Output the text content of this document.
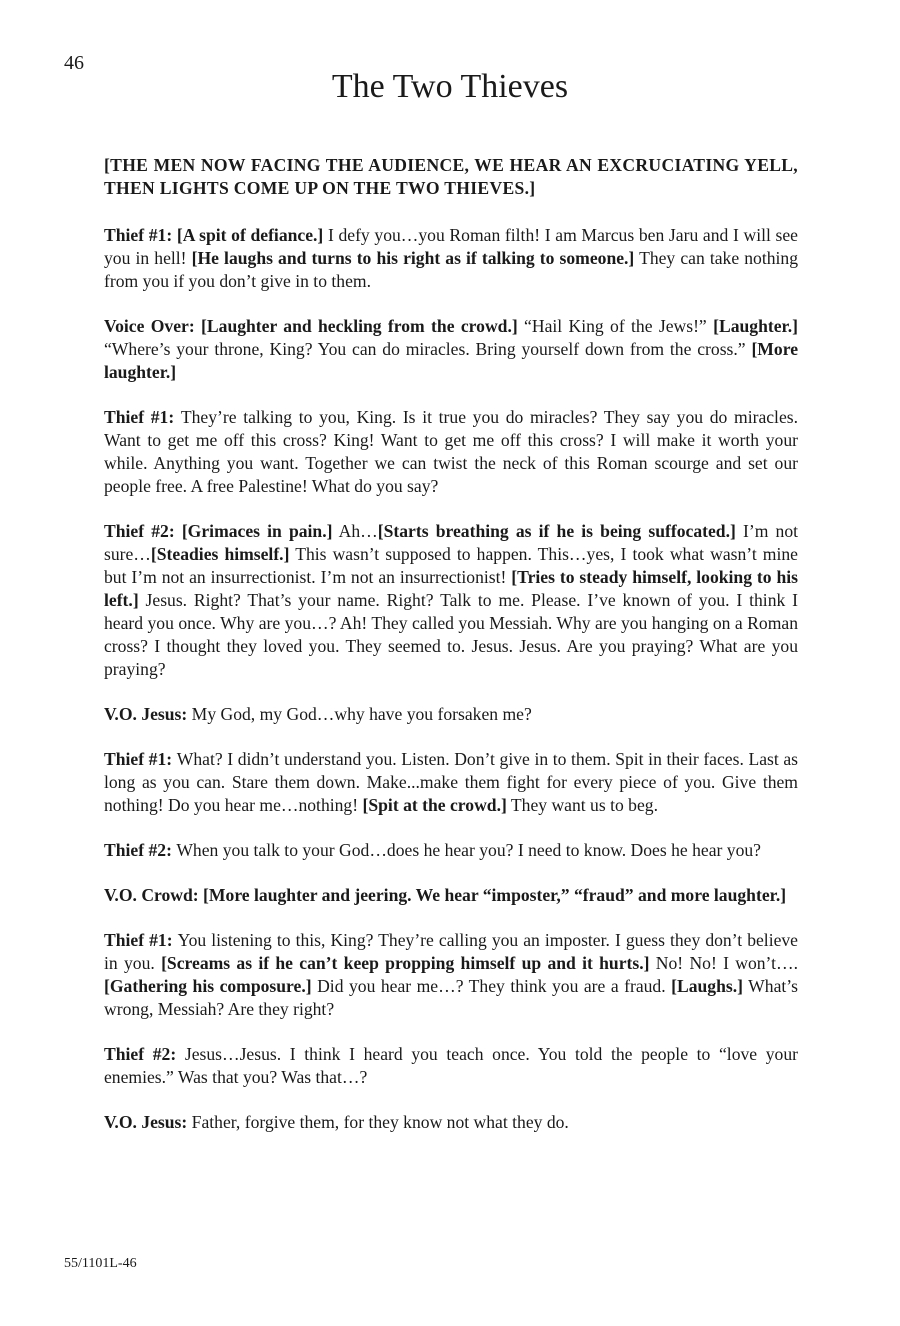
46
The Two Thieves

[THE MEN NOW FACING THE AUDIENCE, WE HEAR AN EXCRUCIATING YELL, THEN LIGHTS COME UP ON THE TWO THIEVES.]

Thief #1: [A spit of defiance.] I defy you…you Roman filth! I am Marcus ben Jaru and I will see you in hell! [He laughs and turns to his right as if talking to someone.] They can take nothing from you if you don’t give in to them.

Voice Over: [Laughter and heckling from the crowd.] “Hail King of the Jews!” [Laughter.] “Where’s your throne, King? You can do miracles. Bring yourself down from the cross.” [More laughter.]

Thief #1: They’re talking to you, King. Is it true you do miracles? They say you do miracles. Want to get me off this cross? King! Want to get me off this cross? I will make it worth your while. Anything you want. Together we can twist the neck of this Roman scourge and set our people free. A free Palestine! What do you say?

Thief #2: [Grimaces in pain.] Ah…[Starts breathing as if he is being suffocated.] I’m not sure…[Steadies himself.] This wasn’t supposed to happen. This…yes, I took what wasn’t mine but I’m not an insurrectionist. I’m not an insurrectionist! [Tries to steady himself, looking to his left.] Jesus. Right? That’s your name. Right? Talk to me. Please. I’ve known of you. I think I heard you once. Why are you…? Ah! They called you Messiah. Why are you hanging on a Roman cross? I thought they loved you. They seemed to. Jesus. Jesus. Are you praying? What are you praying?

V.O. Jesus: My God, my God…why have you forsaken me?

Thief #1: What? I didn’t understand you. Listen. Don’t give in to them. Spit in their faces. Last as long as you can. Stare them down. Make...make them fight for every piece of you. Give them nothing! Do you hear me…nothing! [Spit at the crowd.] They want us to beg.

Thief #2: When you talk to your God…does he hear you? I need to know. Does he hear you?

V.O. Crowd: [More laughter and jeering. We hear “imposter,” “fraud” and more laughter.]

Thief #1: You listening to this, King? They’re calling you an imposter. I guess they don’t believe in you. [Screams as if he can’t keep propping himself up and it hurts.] No! No! I won’t….[Gathering his composure.] Did you hear me…? They think you are a fraud. [Laughs.] What’s wrong, Messiah? Are they right?

Thief #2: Jesus…Jesus. I think I heard you teach once. You told the people to “love your enemies.” Was that you? Was that…?

V.O. Jesus: Father, forgive them, for they know not what they do.

55/1101L-46
